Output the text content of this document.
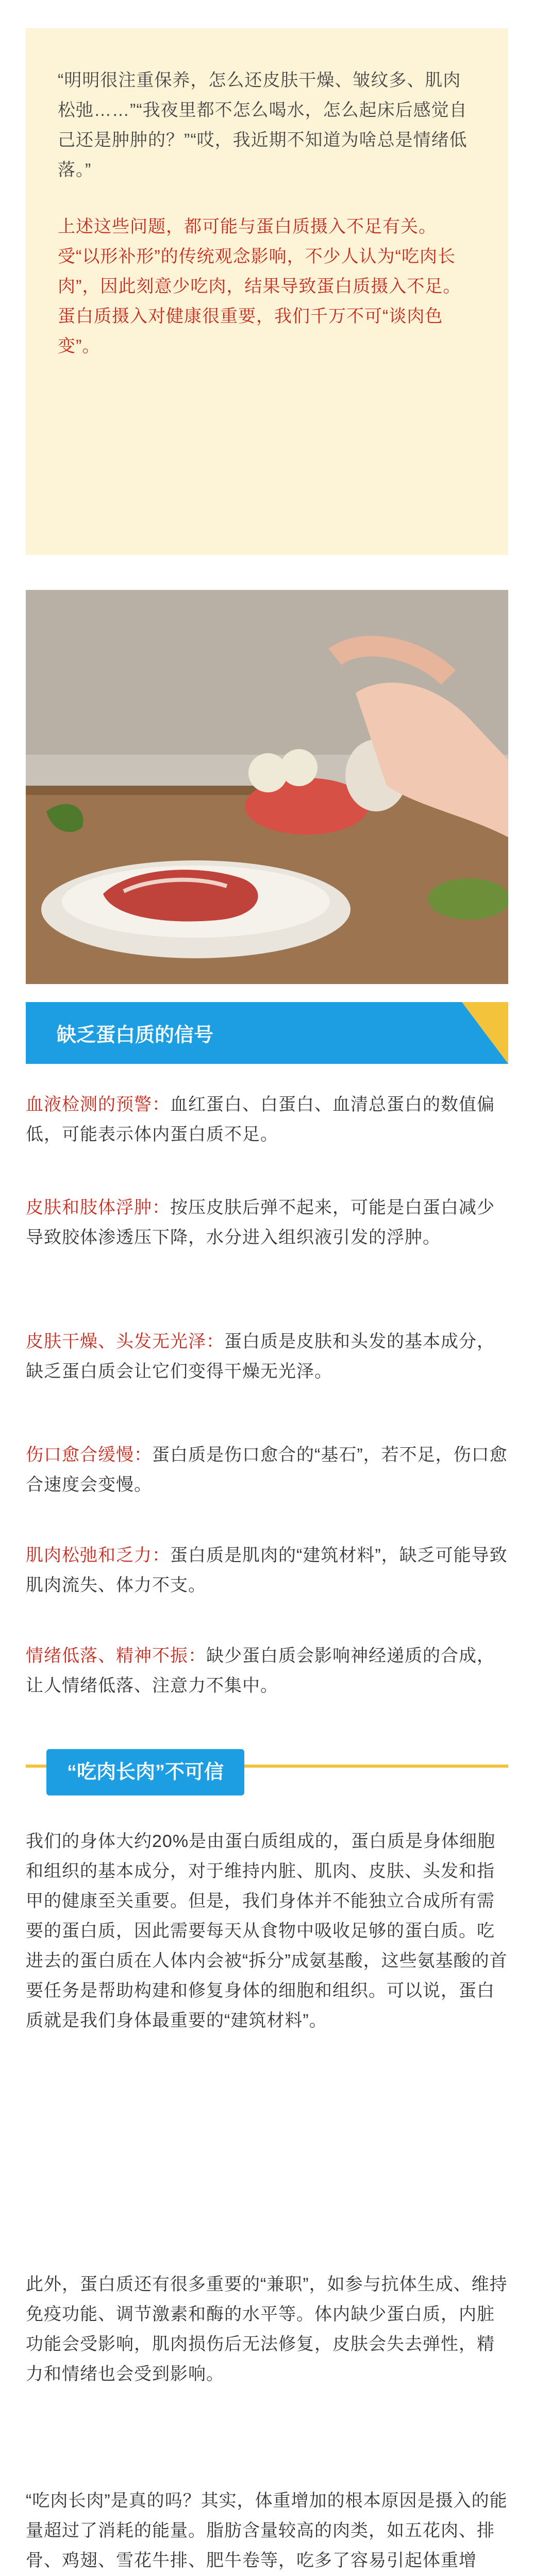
“明明很注重保养，怎么还皮肤干燥、皱纹多、肌肉松弛……”“我夜里都不怎么喝水，怎么起床后感觉自己还是肿肿的？”“哎，我近期不知道为啥总是情绪低落。”

上述这些问题，都可能与蛋白质摄入不足有关。受“以形补形”的传统观念影响，不少人认为“吃肉长肉”，因此刻意少吃肉，结果导致蛋白质摄入不足。蛋白质摄入对健康很重要，我们千万不可“谈肉色变”。

缺乏蛋白质的信号

血液检测的预警：血红蛋白、白蛋白、血清总蛋白的数值偏低，可能表示体内蛋白质不足。

皮肤和肢体浮肿：按压皮肤后弹不起来，可能是白蛋白减少导致胶体渗透压下降，水分进入组织液引发的浮肿。

皮肤干燥、头发无光泽：蛋白质是皮肤和头发的基本成分，缺乏蛋白质会让它们变得干燥无光泽。

伤口愈合缓慢：蛋白质是伤口愈合的“基石”，若不足，伤口愈合速度会变慢。

肌肉松弛和乏力：蛋白质是肌肉的“建筑材料”，缺乏可能导致肌肉流失、体力不支。

情绪低落、精神不振：缺少蛋白质会影响神经递质的合成，让人情绪低落、注意力不集中。

“吃肉长肉”不可信

我们的身体大约20%是由蛋白质组成的，蛋白质是身体细胞和组织的基本成分，对于维持内脏、肌肉、皮肤、头发和指甲的健康至关重要。但是，我们身体并不能独立合成所有需要的蛋白质，因此需要每天从食物中吸收足够的蛋白质。吃进去的蛋白质在人体内会被“拆分”成氨基酸，这些氨基酸的首要任务是帮助构建和修复身体的细胞和组织。可以说，蛋白质就是我们身体最重要的“建筑材料”。

此外，蛋白质还有很多重要的“兼职”，如参与抗体生成、维持免疫功能、调节激素和酶的水平等。体内缺少蛋白质，内脏功能会受影响，肌肉损伤后无法修复，皮肤会失去弹性，精力和情绪也会受到影响。

“吃肉长肉”是真的吗？其实，体重增加的根本原因是摄入的能量超过了消耗的能量。脂肪含量较高的肉类，如五花肉、排骨、鸡翅、雪花牛排、肥牛卷等，吃多了容易引起体重增
